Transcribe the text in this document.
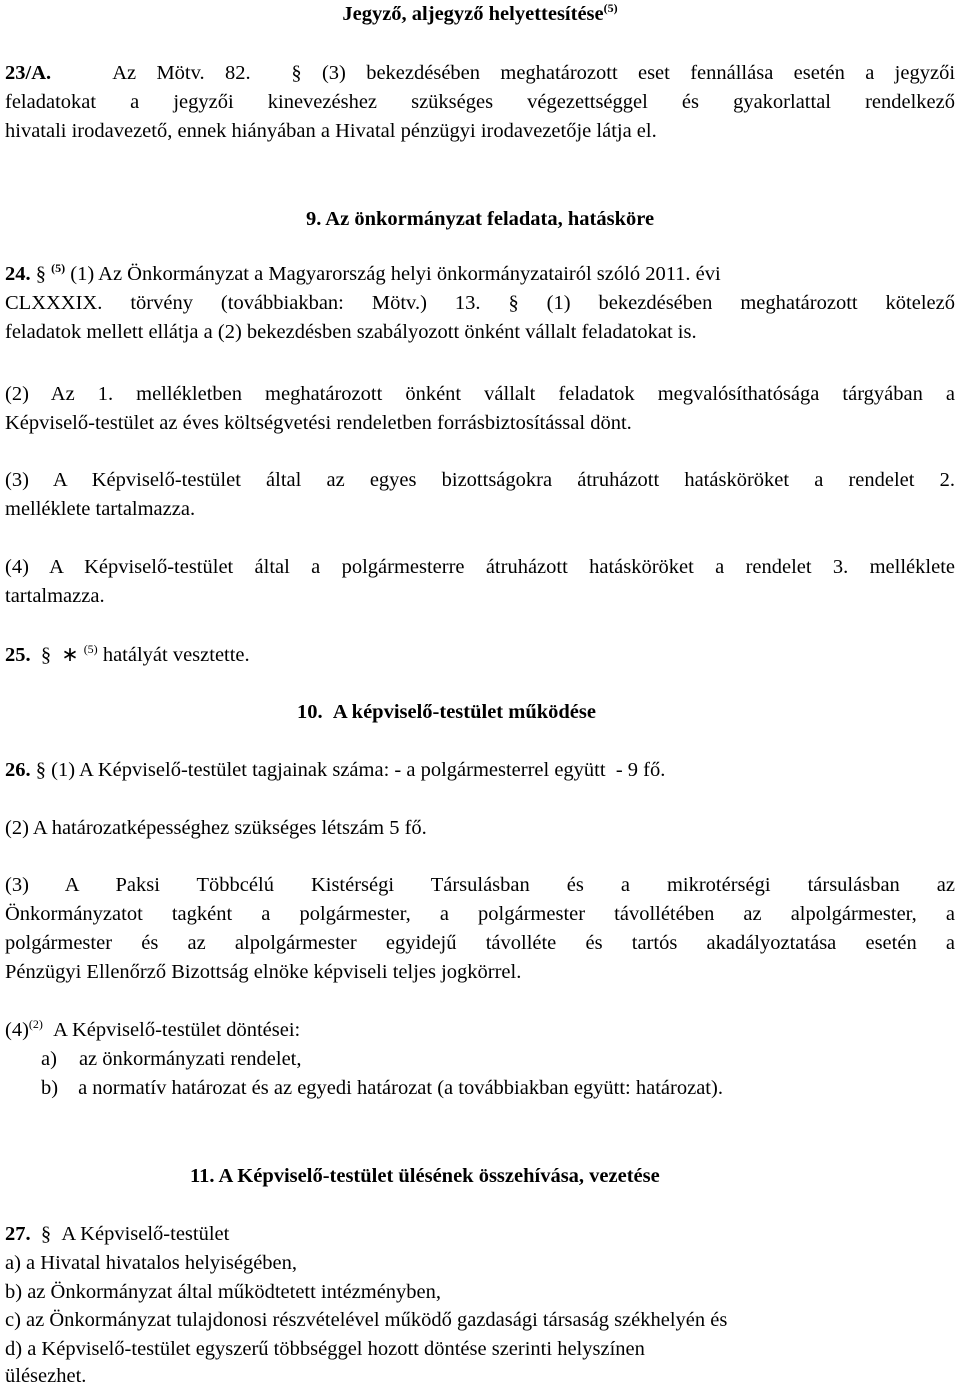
Jegyző, aljegyző helyettesítése$^{(5)}$
23/A.	Az Mötv. 82. § (3) bekezdésében meghatározott eset fennállása esetén a jegyzői
feladatokat a jegyzői kinevezéshez szükséges végezettséggel és gyakorlattal rendelkező
hivatali irodavezető, ennek hiányában a Hivatal pénzügyi irodavezetője látja el.
9. Az önkormányzat feladata, hatásköre
24. § $^{(5)}$ (1) Az Önkormányzat a Magyarország helyi önkormányzatairól szóló 2011. évi
CLXXXIX. törvény (továbbiakban: Mötv.) 13. § (1) bekezdésében meghatározott kötelező
feladatok mellett ellátja a (2) bekezdésben szabályozott önként vállalt feladatokat is.
(2) Az 1. mellékletben meghatározott önként vállalt feladatok megvalósíthatósága tárgyában a
Képviselő-testület az éves költségvetési rendeletben forrásbiztosítással dönt.
(3) A Képviselő-testület által az egyes bizottságokra átruházott hatásköröket a rendelet 2.
melléklete tartalmazza.
(4) A Képviselő-testület által a polgármesterre átruházott hatásköröket a rendelet 3. melléklete
tartalmazza.
25. § ∗ $^{(5)}$ hatályát vesztette.
10. A képviselő-testület működése
26. § (1) A Képviselő-testület tagjainak száma: - a polgármesterrel együtt  - 9 fő.
(2) A határozatképességhez szükséges létszám 5 fő.
(3) A Paksi Többcélú Kistérségi Társulásban és a mikrotérségi társulásban az
Önkormányzatot tagként a polgármester, a polgármester távollétében az alpolgármester, a
polgármester és az alpolgármester egyidejű távolléte és tartós akadályoztatása esetén a
Pénzügyi Ellenőrző Bizottság elnöke képviseli teljes jogkörrel.
$(4)^{(2)}$ A Képviselő-testület döntései:
a) az önkormányzati rendelet,
b) a normatív határozat és az egyedi határozat (a továbbiakban együtt: határozat).
11. A Képviselő-testület ülésének összehívása, vezetése
27. § A Képviselő-testület
a) a Hivatal hivatalos helyiségében,
b) az Önkormányzat által működtetett intézményben,
c) az Önkormányzat tulajdonosi részvételével működő gazdasági társaság székhelyén és
d) a Képviselő-testület egyszerű többséggel hozott döntése szerinti helyszínen
ülésezhet.
